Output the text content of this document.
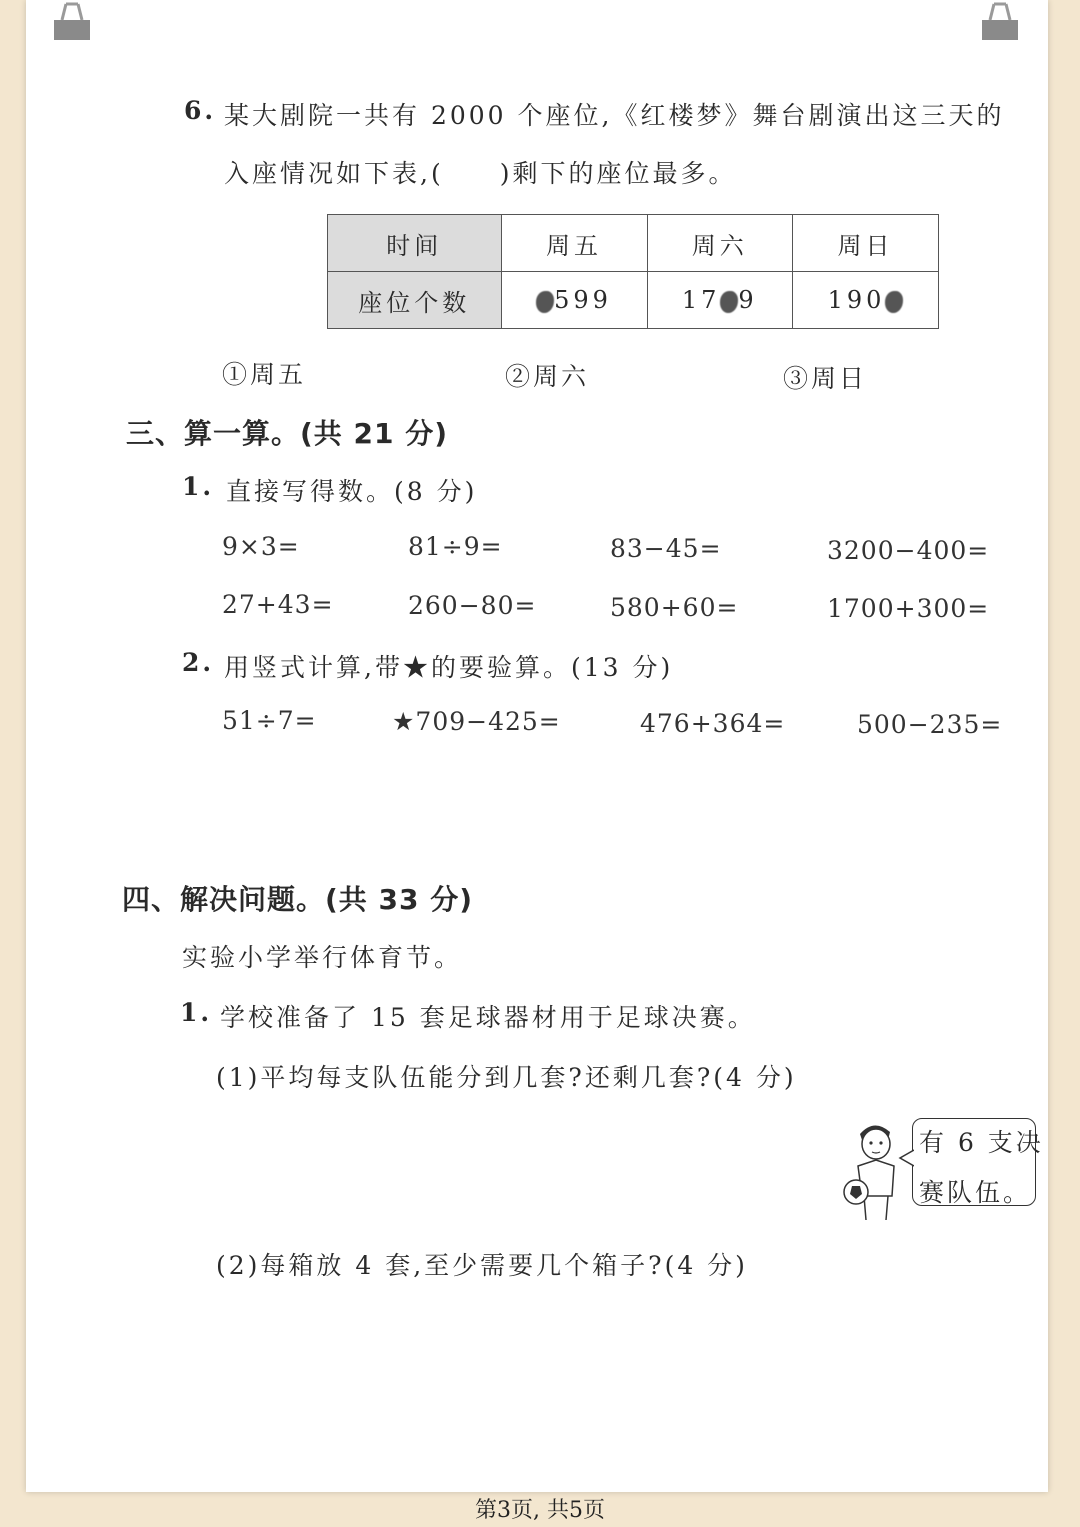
6. 某大剧院一共有 2000 个座位,《红楼梦》舞台剧演出这三天的
入座情况如下表,(　　)剩下的座位最多。
时间	周五	周六	周日
座位个数	599	17 9	190
①周五	②周六	③周日
三、算一算。(共 21 分)
1. 直接写得数。(8 分)
9×3=	81÷9=	83−45=	3200−400=
27+43=	260−80=	580+60=	1700+300=
2. 用竖式计算,带★的要验算。(13 分)
51÷7=	★709−425=	476+364=	500−235=
四、解决问题。(共 33 分)
实验小学举行体育节。
1. 学校准备了 15 套足球器材用于足球决赛。
(1)平均每支队伍能分到几套?还剩几套?(4 分)
有 6 支决
赛队伍。
(2)每箱放 4 套,至少需要几个箱子?(4 分)
第3页, 共5页
